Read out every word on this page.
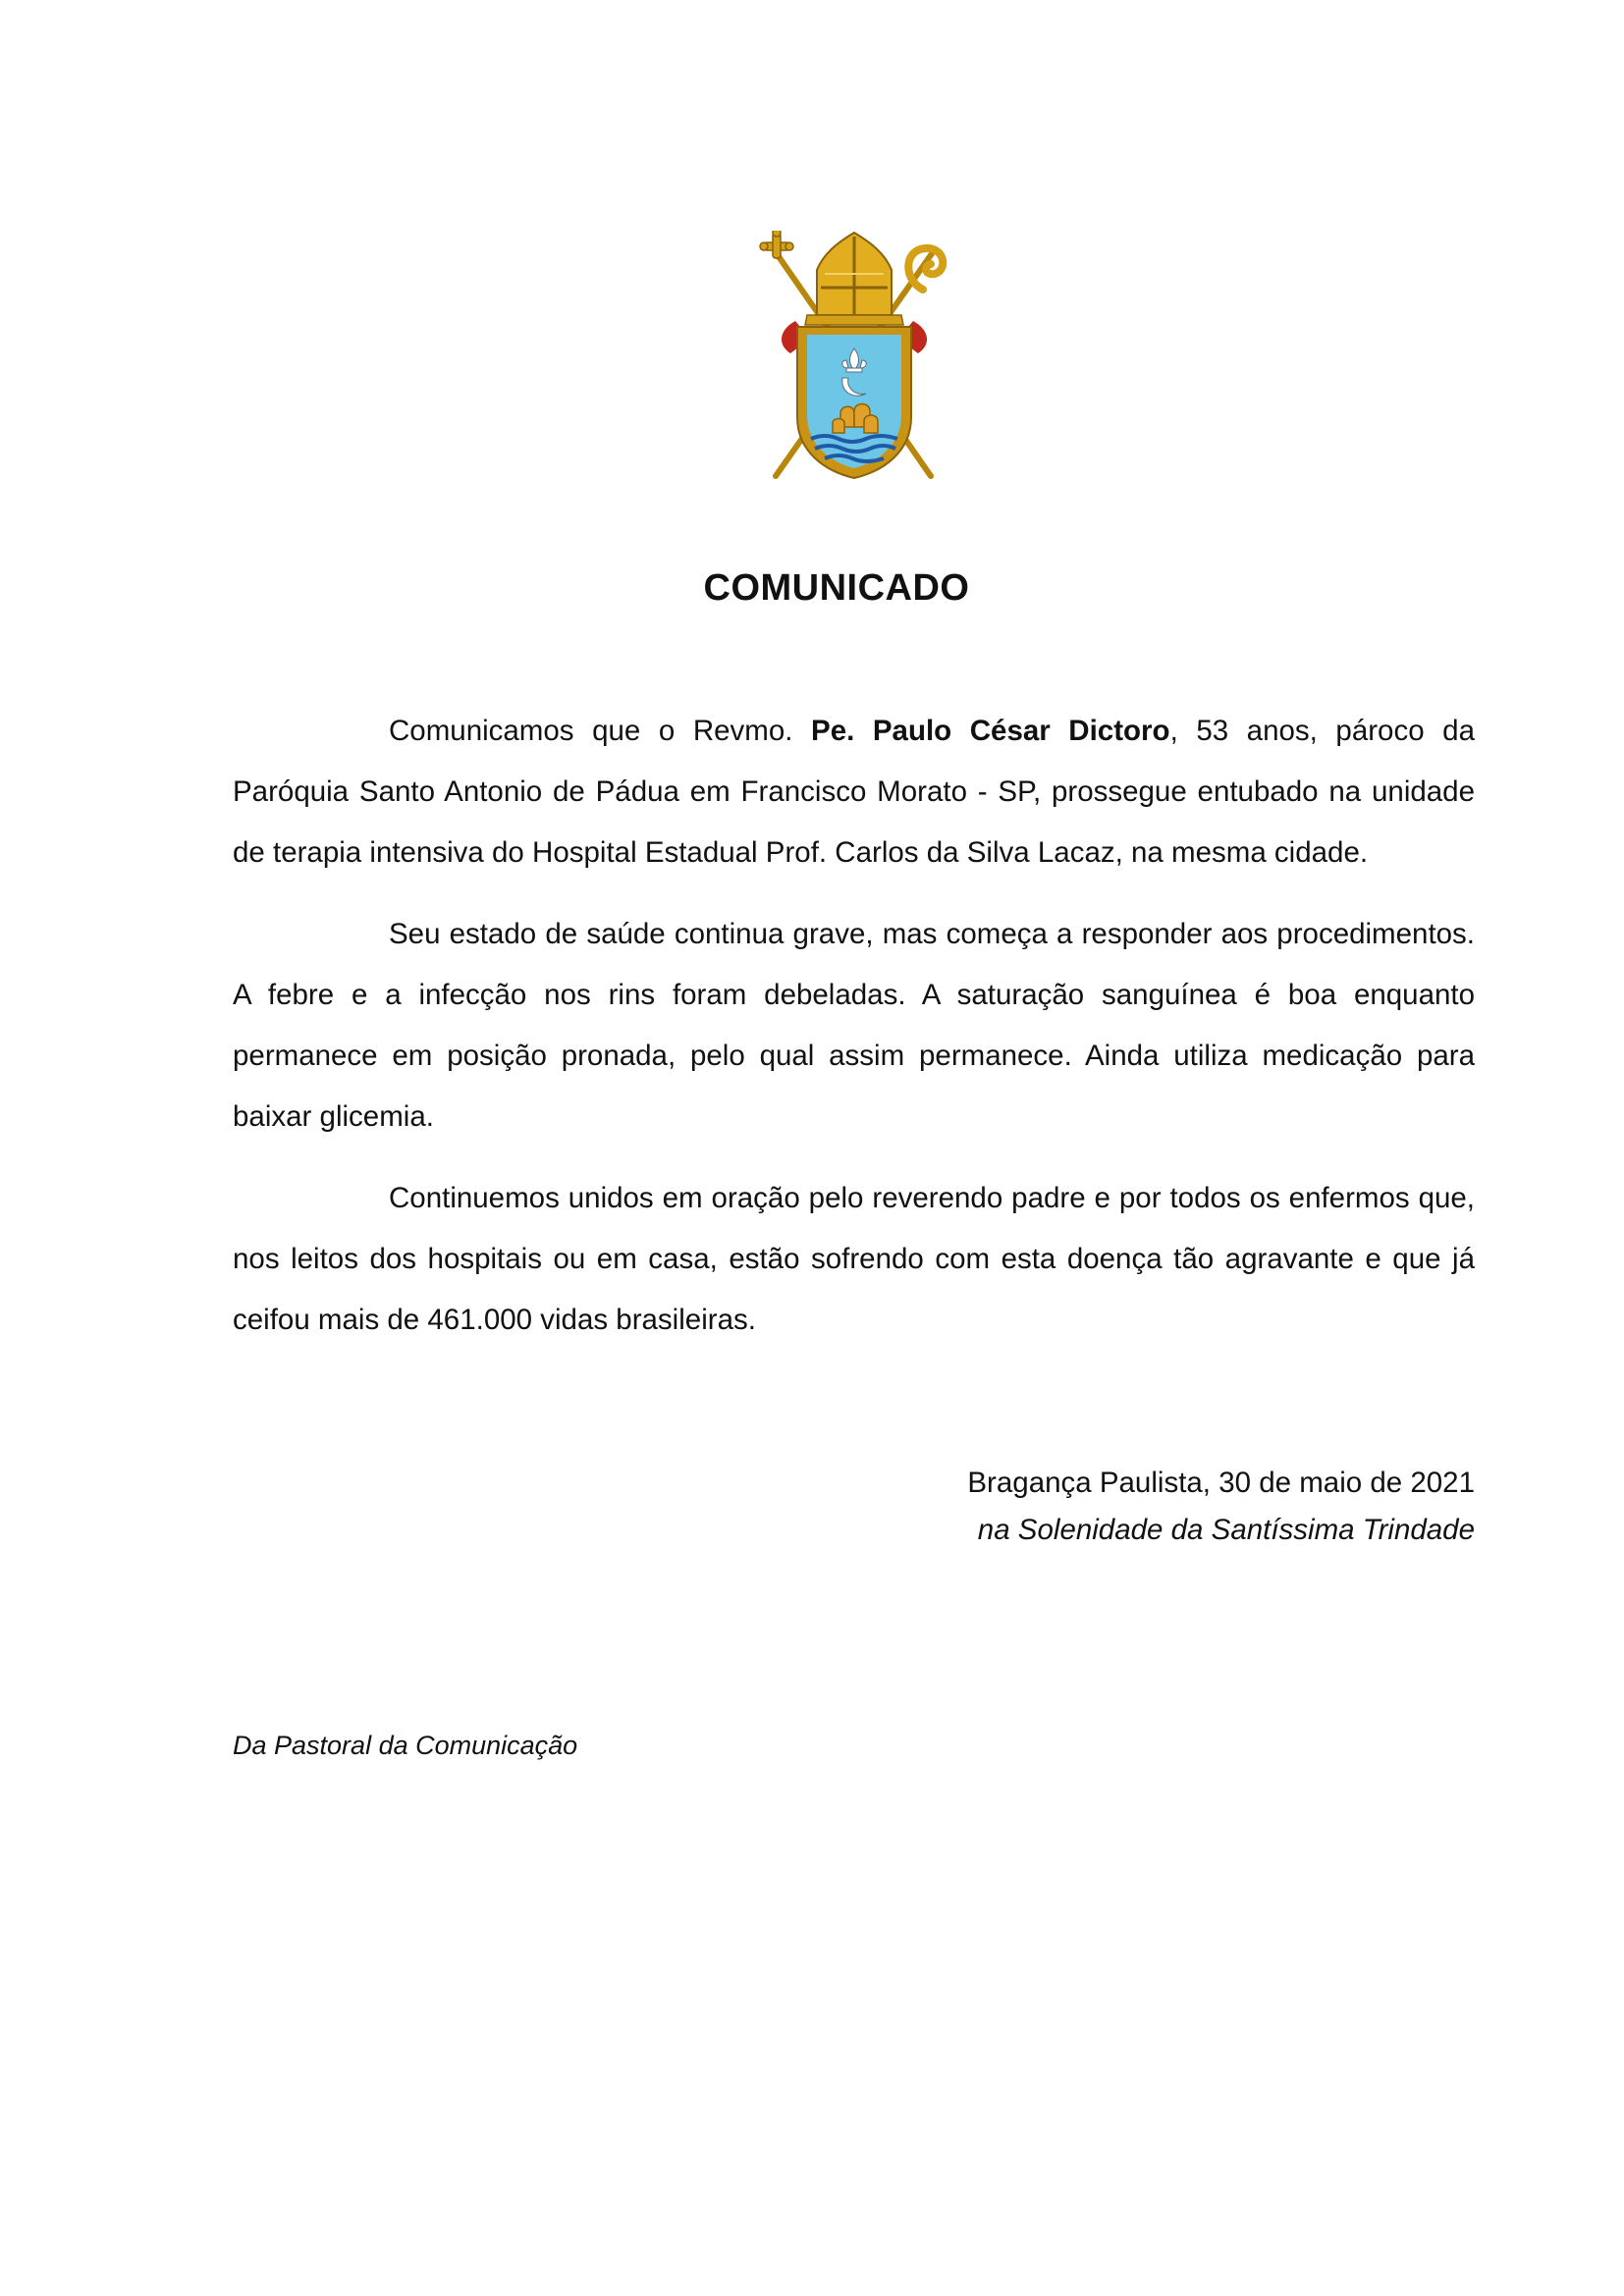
COMUNICADO

Comunicamos que o Revmo. Pe. Paulo César Dictoro, 53 anos, pároco da Paróquia Santo Antonio de Pádua em Francisco Morato - SP, prossegue entubado na unidade de terapia intensiva do Hospital Estadual Prof. Carlos da Silva Lacaz, na mesma cidade.

Seu estado de saúde continua grave, mas começa a responder aos procedimentos. A febre e a infecção nos rins foram debeladas. A saturação sanguínea é boa enquanto permanece em posição pronada, pelo qual assim permanece. Ainda utiliza medicação para baixar glicemia.

Continuemos unidos em oração pelo reverendo padre e por todos os enfermos que, nos leitos dos hospitais ou em casa, estão sofrendo com esta doença tão agravante e que já ceifou mais de 461.000 vidas brasileiras.

Bragança Paulista, 30 de maio de 2021
na Solenidade da Santíssima Trindade
Da Pastoral da Comunicação
